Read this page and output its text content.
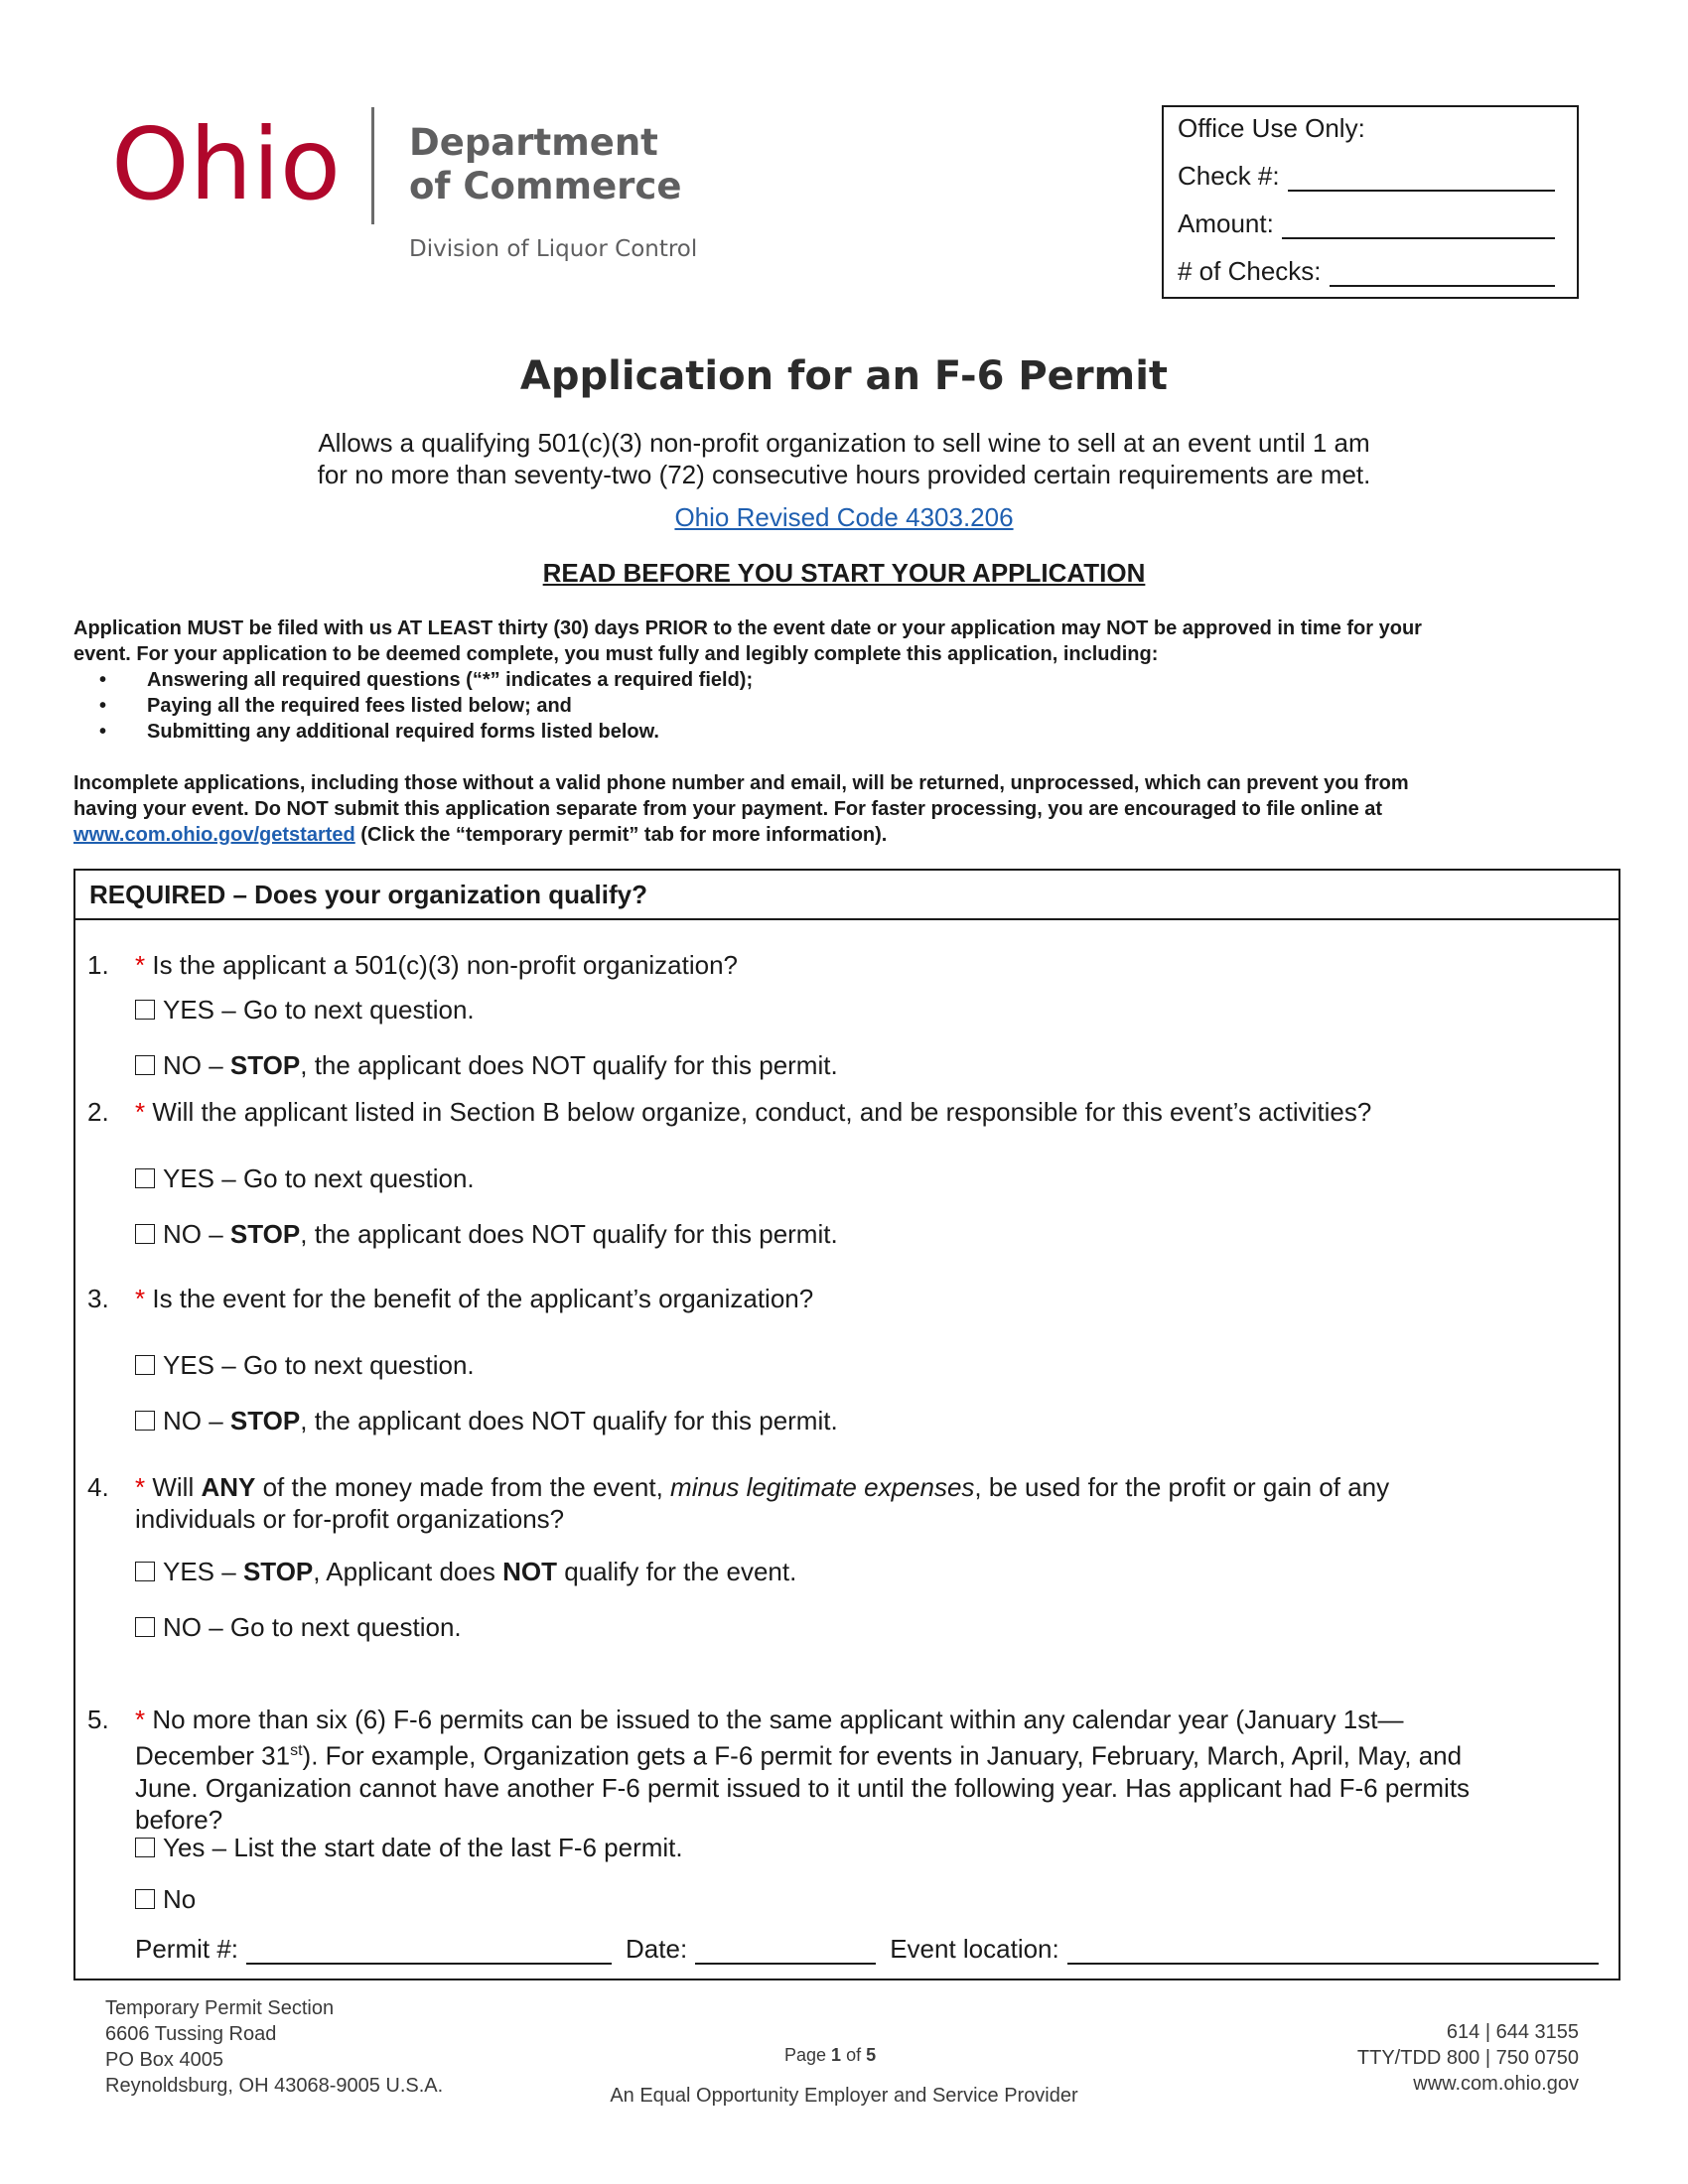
Ohio Department
of Commerce
Division of Liquor Control
Office Use Only:
Check #:
Amount:
# of Checks:
Application for an F-6 Permit
Allows a qualifying 501(c)(3) non-profit organization to sell wine to sell at an event until 1 am
for no more than seventy-two (72) consecutive hours provided certain requirements are met.
Ohio Revised Code 4303.206
READ BEFORE YOU START YOUR APPLICATION
Application MUST be filed with us AT LEAST thirty (30) days PRIOR to the event date or your application may NOT be approved in time for your
event. For your application to be deemed complete, you must fully and legibly complete this application, including:
• Answering all required questions (“*” indicates a required field);
• Paying all the required fees listed below; and
• Submitting any additional required forms listed below.
Incomplete applications, including those without a valid phone number and email, will be returned, unprocessed, which can prevent you from
having your event. Do NOT submit this application separate from your payment. For faster processing, you are encouraged to file online at
www.com.ohio.gov/getstarted (Click the “temporary permit” tab for more information).
REQUIRED – Does your organization qualify?
1. * Is the applicant a 501(c)(3) non-profit organization?
YES – Go to next question.
NO – STOP, the applicant does NOT qualify for this permit.
2. * Will the applicant listed in Section B below organize, conduct, and be responsible for this event’s activities?
YES – Go to next question.
NO – STOP, the applicant does NOT qualify for this permit.
3. * Is the event for the benefit of the applicant’s organization?
YES – Go to next question.
NO – STOP, the applicant does NOT qualify for this permit.
4. * Will ANY of the money made from the event, minus legitimate expenses, be used for the profit or gain of any
individuals or for-profit organizations?
YES – STOP, Applicant does NOT qualify for the event.
NO – Go to next question.
5. * No more than six (6) F-6 permits can be issued to the same applicant within any calendar year (January 1st—
December 31st). For example, Organization gets a F-6 permit for events in January, February, March, April, May, and
June. Organization cannot have another F-6 permit issued to it until the following year. Has applicant had F-6 permits
before?
Yes – List the start date of the last F-6 permit.
No
Permit #:	Date:	Event location:
Temporary Permit Section
6606 Tussing Road
PO Box 4005
Reynoldsburg, OH 43068-9005 U.S.A.
Page 1 of 5
An Equal Opportunity Employer and Service Provider
614 | 644 3155
TTY/TDD 800 | 750 0750
www.com.ohio.gov
